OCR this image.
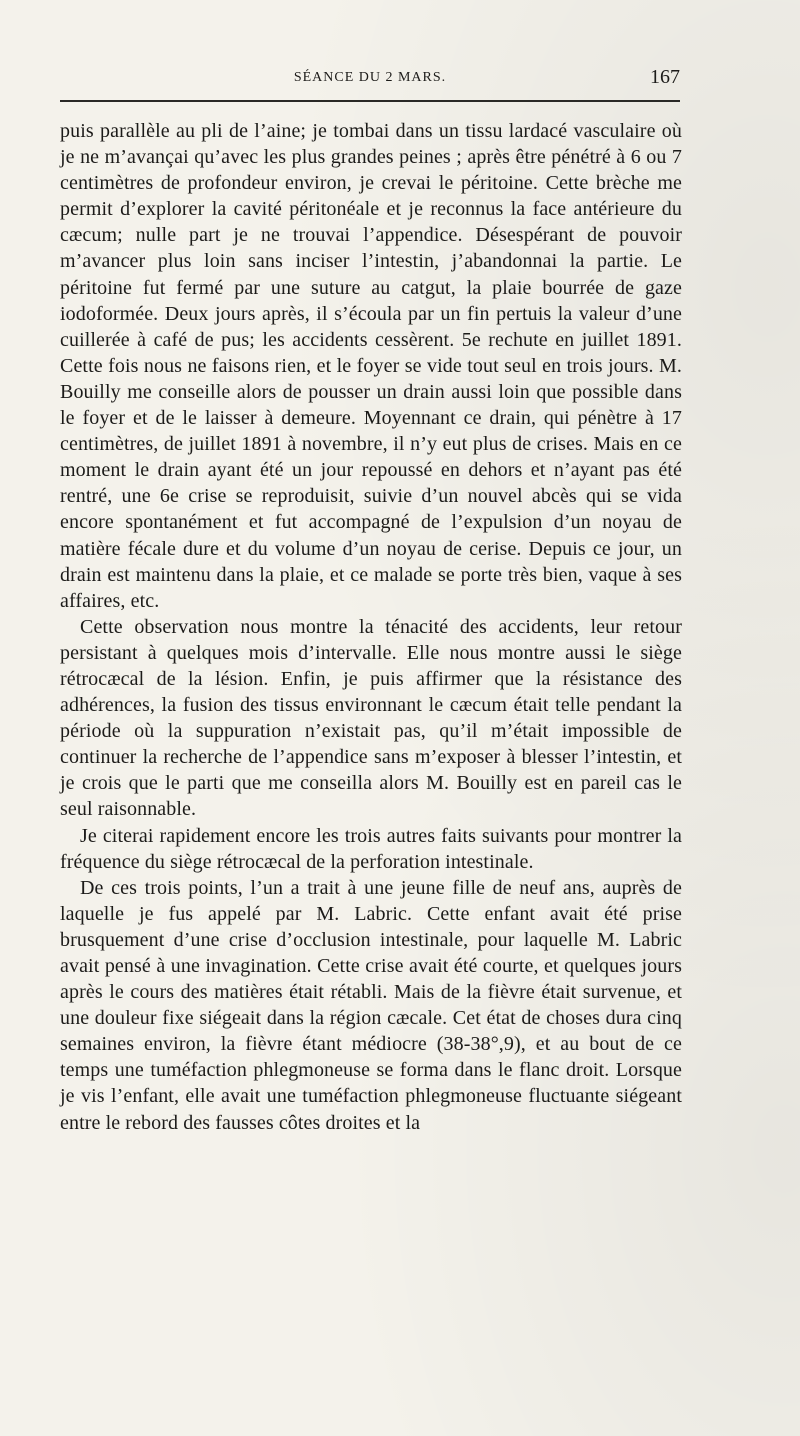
SÉANCE DU 2 MARS.	167

puis parallèle au pli de l’aine; je tombai dans un tissu lardacé vasculaire où je ne m’avançai qu’avec les plus grandes peines ; après être pénétré à 6 ou 7 centimètres de profondeur environ, je crevai le péritoine. Cette brèche me permit d’explorer la cavité péritonéale et je reconnus la face antérieure du cæcum; nulle part je ne trouvai l’appendice. Désespérant de pouvoir m’avancer plus loin sans inciser l’intestin, j’abandonnai la partie. Le péritoine fut fermé par une suture au catgut, la plaie bourrée de gaze iodoformée. Deux jours après, il s’écoula par un fin pertuis la valeur d’une cuillerée à café de pus; les accidents cessèrent. 5e rechute en juillet 1891. Cette fois nous ne faisons rien, et le foyer se vide tout seul en trois jours. M. Bouilly me conseille alors de pousser un drain aussi loin que possible dans le foyer et de le laisser à demeure. Moyennant ce drain, qui pénètre à 17 centimètres, de juillet 1891 à novembre, il n’y eut plus de crises. Mais en ce moment le drain ayant été un jour repoussé en dehors et n’ayant pas été rentré, une 6e crise se reproduisit, suivie d’un nouvel abcès qui se vida encore spontanément et fut accompagné de l’expulsion d’un noyau de matière fécale dure et du volume d’un noyau de cerise. Depuis ce jour, un drain est maintenu dans la plaie, et ce malade se porte très bien, vaque à ses affaires, etc.

Cette observation nous montre la ténacité des accidents, leur retour persistant à quelques mois d’intervalle. Elle nous montre aussi le siège rétrocæcal de la lésion. Enfin, je puis affirmer que la résistance des adhérences, la fusion des tissus environnant le cæcum était telle pendant la période où la suppuration n’existait pas, qu’il m’était impossible de continuer la recherche de l’appendice sans m’exposer à blesser l’intestin, et je crois que le parti que me conseilla alors M. Bouilly est en pareil cas le seul raisonnable.

Je citerai rapidement encore les trois autres faits suivants pour montrer la fréquence du siège rétrocæcal de la perforation intestinale.

De ces trois points, l’un a trait à une jeune fille de neuf ans, auprès de laquelle je fus appelé par M. Labric. Cette enfant avait été prise brusquement d’une crise d’occlusion intestinale, pour laquelle M. Labric avait pensé à une invagination. Cette crise avait été courte, et quelques jours après le cours des matières était rétabli. Mais de la fièvre était survenue, et une douleur fixe siégeait dans la région cæcale. Cet état de choses dura cinq semaines environ, la fièvre étant médiocre (38-38°,9), et au bout de ce temps une tuméfaction phlegmoneuse se forma dans le flanc droit. Lorsque je vis l’enfant, elle avait une tuméfaction phlegmoneuse fluctuante siégeant entre le rebord des fausses côtes droites et la
